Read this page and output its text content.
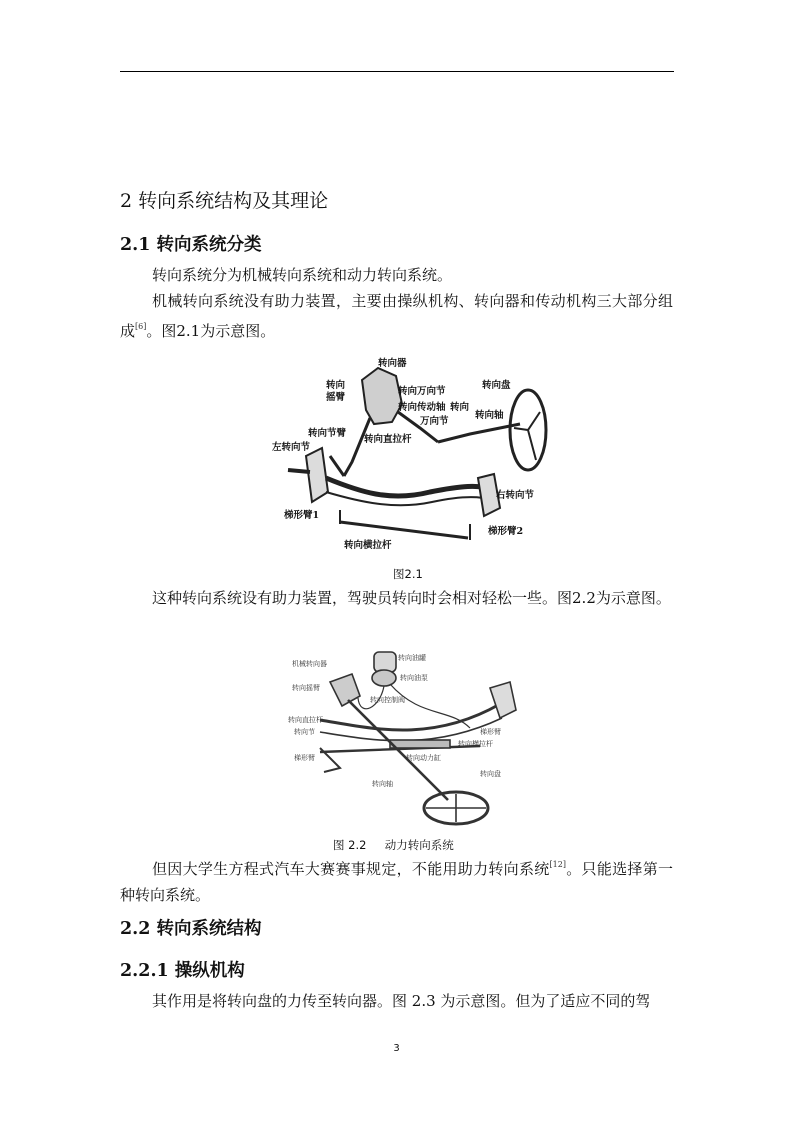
2 转向系统结构及其理论
2.1 转向系统分类

转向系统分为机械转向系统和动力转向系统。

机械转向系统没有助力装置，主要由操纵机构、转向器和传动机构三大部分组成[6]。图2.1为示意图。

转向器
转向
摇臂
转向万向节
转向传动轴 转向
万向节
转向盘
转向轴
转向节臂
转向直拉杆
左转向节
右转向节
梯形臂1
梯形臂2
转向横拉杆
图2.1

这种转向系统设有助力装置，驾驶员转向时会相对轻松一些。图2.2为示意图。

机械转向器
转向油罐
转向油泵
转向摇臂
转向控制阀
转向直拉杆
转向节
梯形臂
转向横拉杆
转向动力缸
转向轴
转向盘
梯形臂
图 2.2     动力转向系统

但因大学生方程式汽车大赛赛事规定，不能用助力转向系统[12]。只能选择第一种转向系统。

2.2 转向系统结构
2.2.1 操纵机构

其作用是将转向盘的力传至转向器。图 2.3 为示意图。但为了适应不同的驾

3
